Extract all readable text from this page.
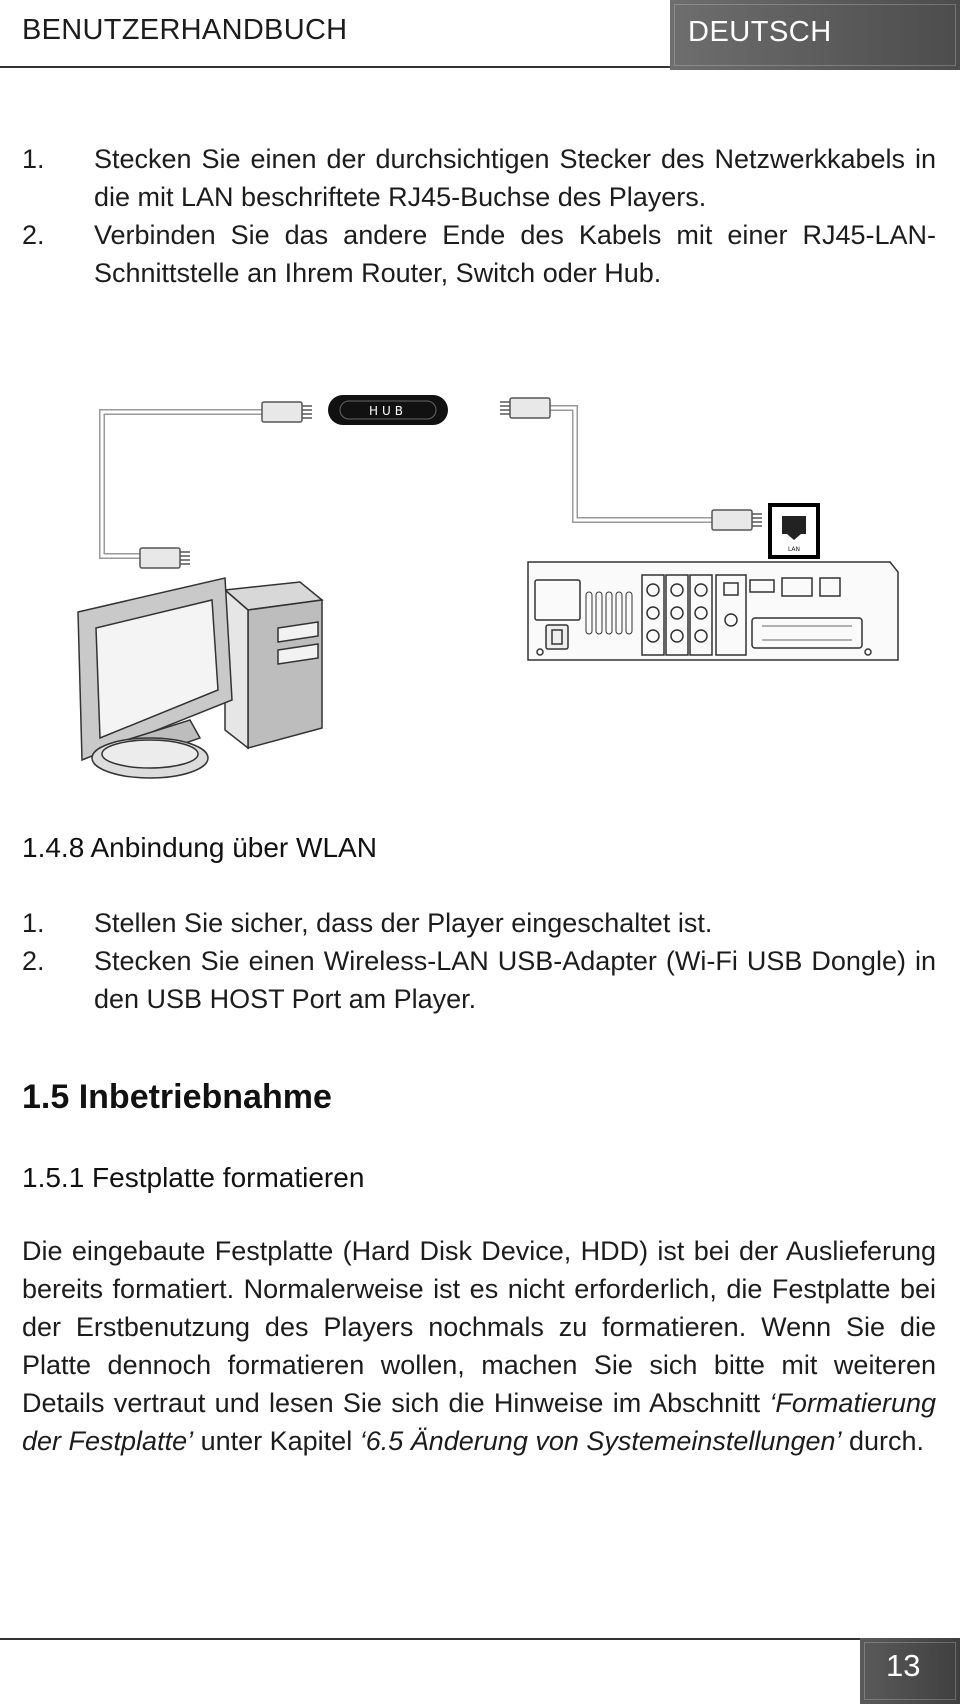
BENUTZERHANDBUCH	DEUTSCH
1.	Stecken Sie einen der durchsichtigen Stecker des Netzwerkkabels in die mit LAN beschriftete RJ45-Buchse des Players.
2.	Verbinden Sie das andere Ende des Kabels mit einer RJ45-LAN-Schnittstelle an Ihrem Router, Switch oder Hub.
HUB
LAN
1.4.8 Anbindung über WLAN
1.	Stellen Sie sicher, dass der Player eingeschaltet ist.
2.	Stecken Sie einen Wireless-LAN USB-Adapter (Wi-Fi USB Dongle) in den USB HOST Port am Player.
1.5 Inbetriebnahme
1.5.1 Festplatte formatieren

Die eingebaute Festplatte (Hard Disk Device, HDD) ist bei der Auslieferung bereits formatiert. Normalerweise ist es nicht erforderlich, die Festplatte bei der Erstbenutzung des Players nochmals zu formatieren. Wenn Sie die Platte dennoch formatieren wollen, machen Sie sich bitte mit weiteren Details vertraut und lesen Sie sich die Hinweise im Abschnitt ‘Formatierung der Festplatte’ unter Kapitel ‘6.5 Änderung von Systemeinstellungen’ durch.

13
